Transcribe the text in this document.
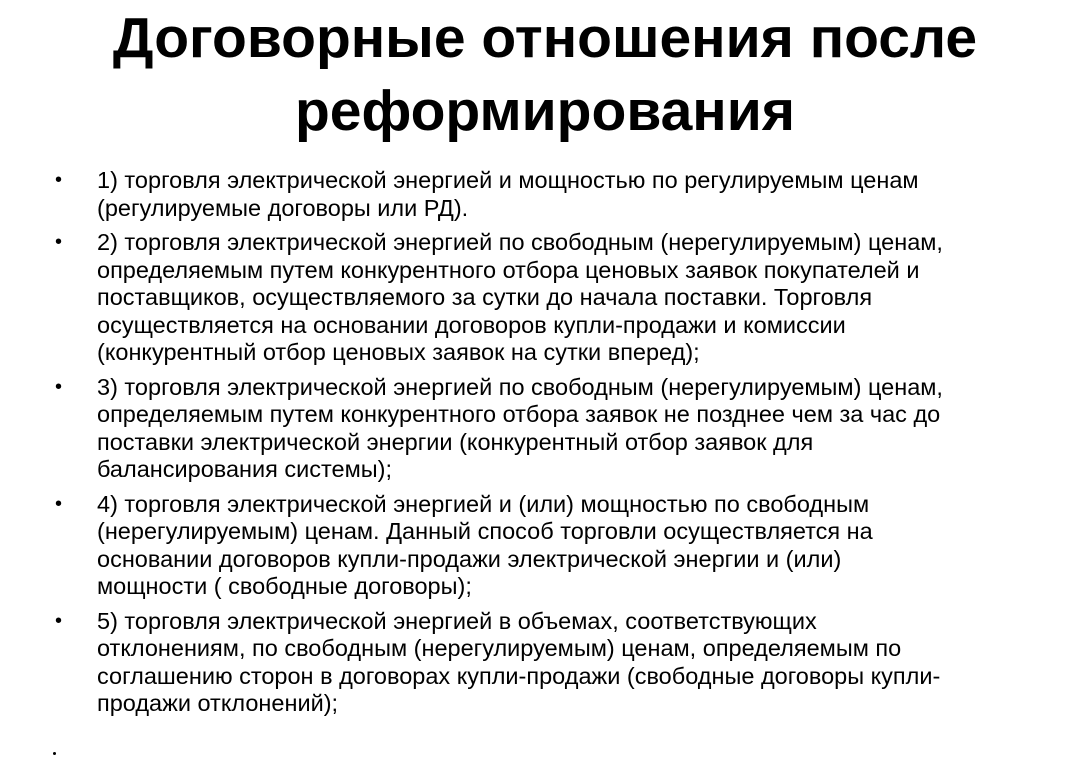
Договорные отношения после
реформирования
• 1) торговля электрической энергией и мощностью по регулируемым ценам
(регулируемые договоры или РД).
• 2) торговля электрической энергией по свободным (нерегулируемым) ценам,
определяемым путем конкурентного отбора ценовых заявок покупателей и
поставщиков, осуществляемого за сутки до начала поставки. Торговля
осуществляется на основании договоров купли-продажи и комиссии
(конкурентный отбор ценовых заявок на сутки вперед);
• 3) торговля электрической энергией по свободным (нерегулируемым) ценам,
определяемым путем конкурентного отбора заявок не позднее чем за час до
поставки электрической энергии (конкурентный отбор заявок для
балансирования системы);
• 4) торговля электрической энергией и (или) мощностью по свободным
(нерегулируемым) ценам. Данный способ торговли осуществляется на
основании договоров купли-продажи электрической энергии и (или)
мощности ( свободные договоры);
• 5) торговля электрической энергией в объемах, соответствующих
отклонениям, по свободным (нерегулируемым) ценам, определяемым по
соглашению сторон в договорах купли-продажи (свободные договоры купли-
продажи отклонений);
